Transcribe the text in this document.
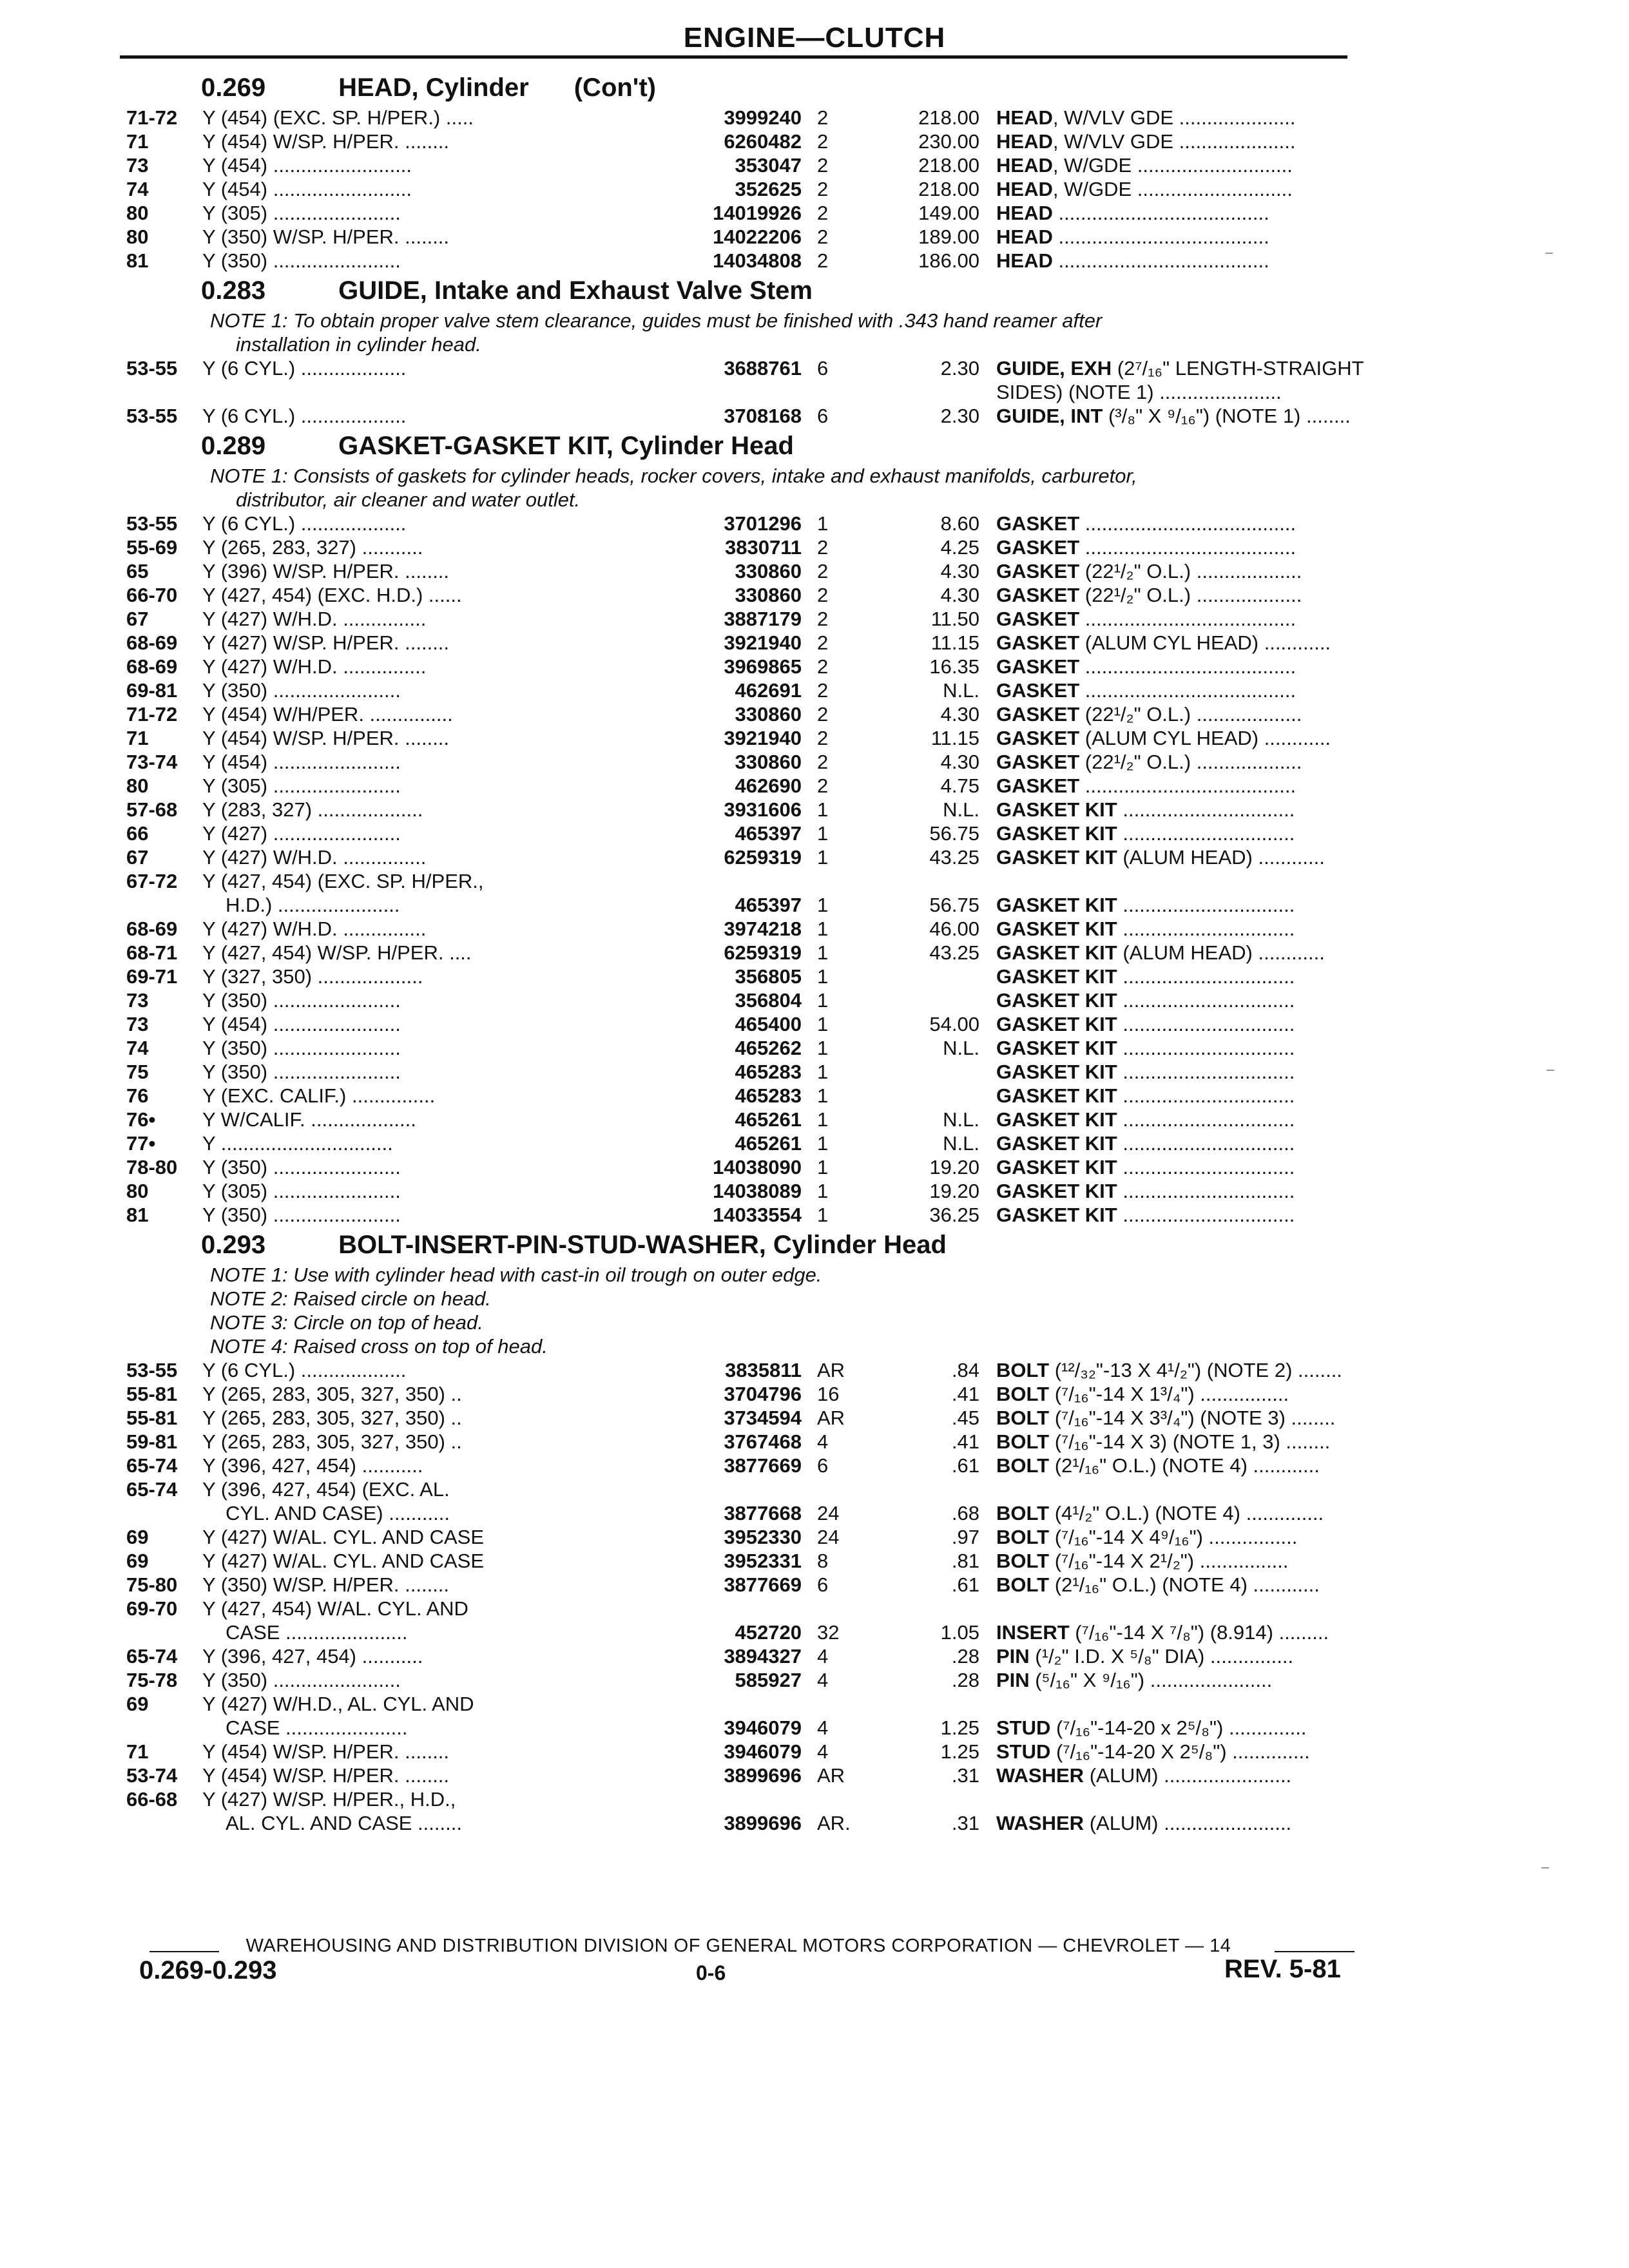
ENGINE—CLUTCH
0.269	HEAD, Cylinder (Con't)
71-72	Y (454) (EXC. SP. H/PER.) .....	3999240 2	218.00 HEAD, W/VLV GDE .....................
71	Y (454) W/SP. H/PER. ........	6260482 2	230.00 HEAD, W/VLV GDE .....................
73	Y (454) .........................	353047 2	218.00 HEAD, W/GDE ............................
74	Y (454) .........................	352625 2	218.00 HEAD, W/GDE ............................
80	Y (305) .......................	14019926 2	149.00 HEAD ......................................
80	Y (350) W/SP. H/PER. ........	14022206 2	189.00 HEAD ......................................
81	Y (350) .......................	14034808 2	186.00 HEAD ......................................
0.283	GUIDE, Intake and Exhaust Valve Stem
NOTE 1: To obtain proper valve stem clearance, guides must be finished with .343 hand reamer after
installation in cylinder head.
53-55	Y (6 CYL.) ...................	3688761 6	2.30 GUIDE, EXH (2⁷/₁₆" LENGTH-STRAIGHT
SIDES) (NOTE 1) ......................
53-55	Y (6 CYL.) ...................	3708168 6	2.30 GUIDE, INT (³/₈" X ⁹/₁₆") (NOTE 1) ........
0.289	GASKET-GASKET KIT, Cylinder Head
NOTE 1: Consists of gaskets for cylinder heads, rocker covers, intake and exhaust manifolds, carburetor,
distributor, air cleaner and water outlet.
53-55	Y (6 CYL.) ...................	3701296 1	8.60 GASKET ......................................
55-69	Y (265, 283, 327) ...........	3830711 2	4.25 GASKET ......................................
65	Y (396) W/SP. H/PER. ........	330860 2	4.30 GASKET (22¹/₂" O.L.) ...................
66-70	Y (427, 454) (EXC. H.D.) ......	330860 2	4.30 GASKET (22¹/₂" O.L.) ...................
67	Y (427) W/H.D. ...............	3887179 2	11.50 GASKET ......................................
68-69	Y (427) W/SP. H/PER. ........	3921940 2	11.15 GASKET (ALUM CYL HEAD) ............
68-69	Y (427) W/H.D. ...............	3969865 2	16.35 GASKET ......................................
69-81	Y (350) .......................	462691 2	N.L. GASKET ......................................
71-72	Y (454) W/H/PER. ...............	330860 2	4.30 GASKET (22¹/₂" O.L.) ...................
71	Y (454) W/SP. H/PER. ........	3921940 2	11.15 GASKET (ALUM CYL HEAD) ............
73-74	Y (454) .......................	330860 2	4.30 GASKET (22¹/₂" O.L.) ...................
80	Y (305) .......................	462690 2	4.75 GASKET ......................................
57-68	Y (283, 327) ...................	3931606 1	N.L. GASKET KIT ...............................
66	Y (427) .......................	465397 1	56.75 GASKET KIT ...............................
67	Y (427) W/H.D. ...............	6259319 1	43.25 GASKET KIT (ALUM HEAD) ............
67-72	Y (427, 454) (EXC. SP. H/PER.,
H.D.) ......................	465397 1	56.75 GASKET KIT ...............................
68-69	Y (427) W/H.D. ...............	3974218 1	46.00 GASKET KIT ...............................
68-71	Y (427, 454) W/SP. H/PER. ....	6259319 1	43.25 GASKET KIT (ALUM HEAD) ............
69-71	Y (327, 350) ...................	356805 1	GASKET KIT ...............................
73	Y (350) .......................	356804 1	GASKET KIT ...............................
73	Y (454) .......................	465400 1	54.00 GASKET KIT ...............................
74	Y (350) .......................	465262 1	N.L. GASKET KIT ...............................
75	Y (350) .......................	465283 1	GASKET KIT ...............................
76	Y (EXC. CALIF.) ...............	465283 1	GASKET KIT ...............................
76•	Y W/CALIF. ...................	465261 1	N.L. GASKET KIT ...............................
77•	Y ...............................	465261 1	N.L. GASKET KIT ...............................
78-80	Y (350) .......................	14038090 1	19.20 GASKET KIT ...............................
80	Y (305) .......................	14038089 1	19.20 GASKET KIT ...............................
81	Y (350) .......................	14033554 1	36.25 GASKET KIT ...............................
0.293	BOLT-INSERT-PIN-STUD-WASHER, Cylinder Head
NOTE 1: Use with cylinder head with cast-in oil trough on outer edge.
NOTE 2: Raised circle on head.
NOTE 3: Circle on top of head.
NOTE 4: Raised cross on top of head.
53-55	Y (6 CYL.) ...................	3835811 AR	.84 BOLT (¹²/₃₂"-13 X 4¹/₂") (NOTE 2) ........
55-81	Y (265, 283, 305, 327, 350) ..	3704796 16	.41 BOLT (⁷/₁₆"-14 X 1³/₄") ................
55-81	Y (265, 283, 305, 327, 350) ..	3734594 AR	.45 BOLT (⁷/₁₆"-14 X 3³/₄") (NOTE 3) ........
59-81	Y (265, 283, 305, 327, 350) ..	3767468 4	.41 BOLT (⁷/₁₆"-14 X 3) (NOTE 1, 3) ........
65-74	Y (396, 427, 454) ...........	3877669 6	.61 BOLT (2¹/₁₆" O.L.) (NOTE 4) ............
65-74	Y (396, 427, 454) (EXC. AL.
CYL. AND CASE) ...........	3877668 24	.68 BOLT (4¹/₂" O.L.) (NOTE 4) ..............
69	Y (427) W/AL. CYL. AND CASE	3952330 24	.97 BOLT (⁷/₁₆"-14 X 4⁹/₁₆") ................
69	Y (427) W/AL. CYL. AND CASE	3952331 8	.81 BOLT (⁷/₁₆"-14 X 2¹/₂") ................
75-80	Y (350) W/SP. H/PER. ........	3877669 6	.61 BOLT (2¹/₁₆" O.L.) (NOTE 4) ............
69-70	Y (427, 454) W/AL. CYL. AND
CASE ......................	452720 32	1.05 INSERT (⁷/₁₆"-14 X ⁷/₈") (8.914) .........
65-74	Y (396, 427, 454) ...........	3894327 4	.28 PIN (¹/₂" I.D. X ⁵/₈" DIA) ...............
75-78	Y (350) .......................	585927 4	.28 PIN (⁵/₁₆" X ⁹/₁₆") ......................
69	Y (427) W/H.D., AL. CYL. AND
CASE ......................	3946079 4	1.25 STUD (⁷/₁₆"-14-20 x 2⁵/₈") ..............
71	Y (454) W/SP. H/PER. ........	3946079 4	1.25 STUD (⁷/₁₆"-14-20 X 2⁵/₈") ..............
53-74	Y (454) W/SP. H/PER. ........	3899696 AR	.31 WASHER (ALUM) .......................
66-68	Y (427) W/SP. H/PER., H.D.,
AL. CYL. AND CASE ........	3899696 AR.	.31 WASHER (ALUM) .......................
WAREHOUSING AND DISTRIBUTION DIVISION OF GENERAL MOTORS CORPORATION — CHEVROLET — 14
0.269-0.293	0-6	REV. 5-81
